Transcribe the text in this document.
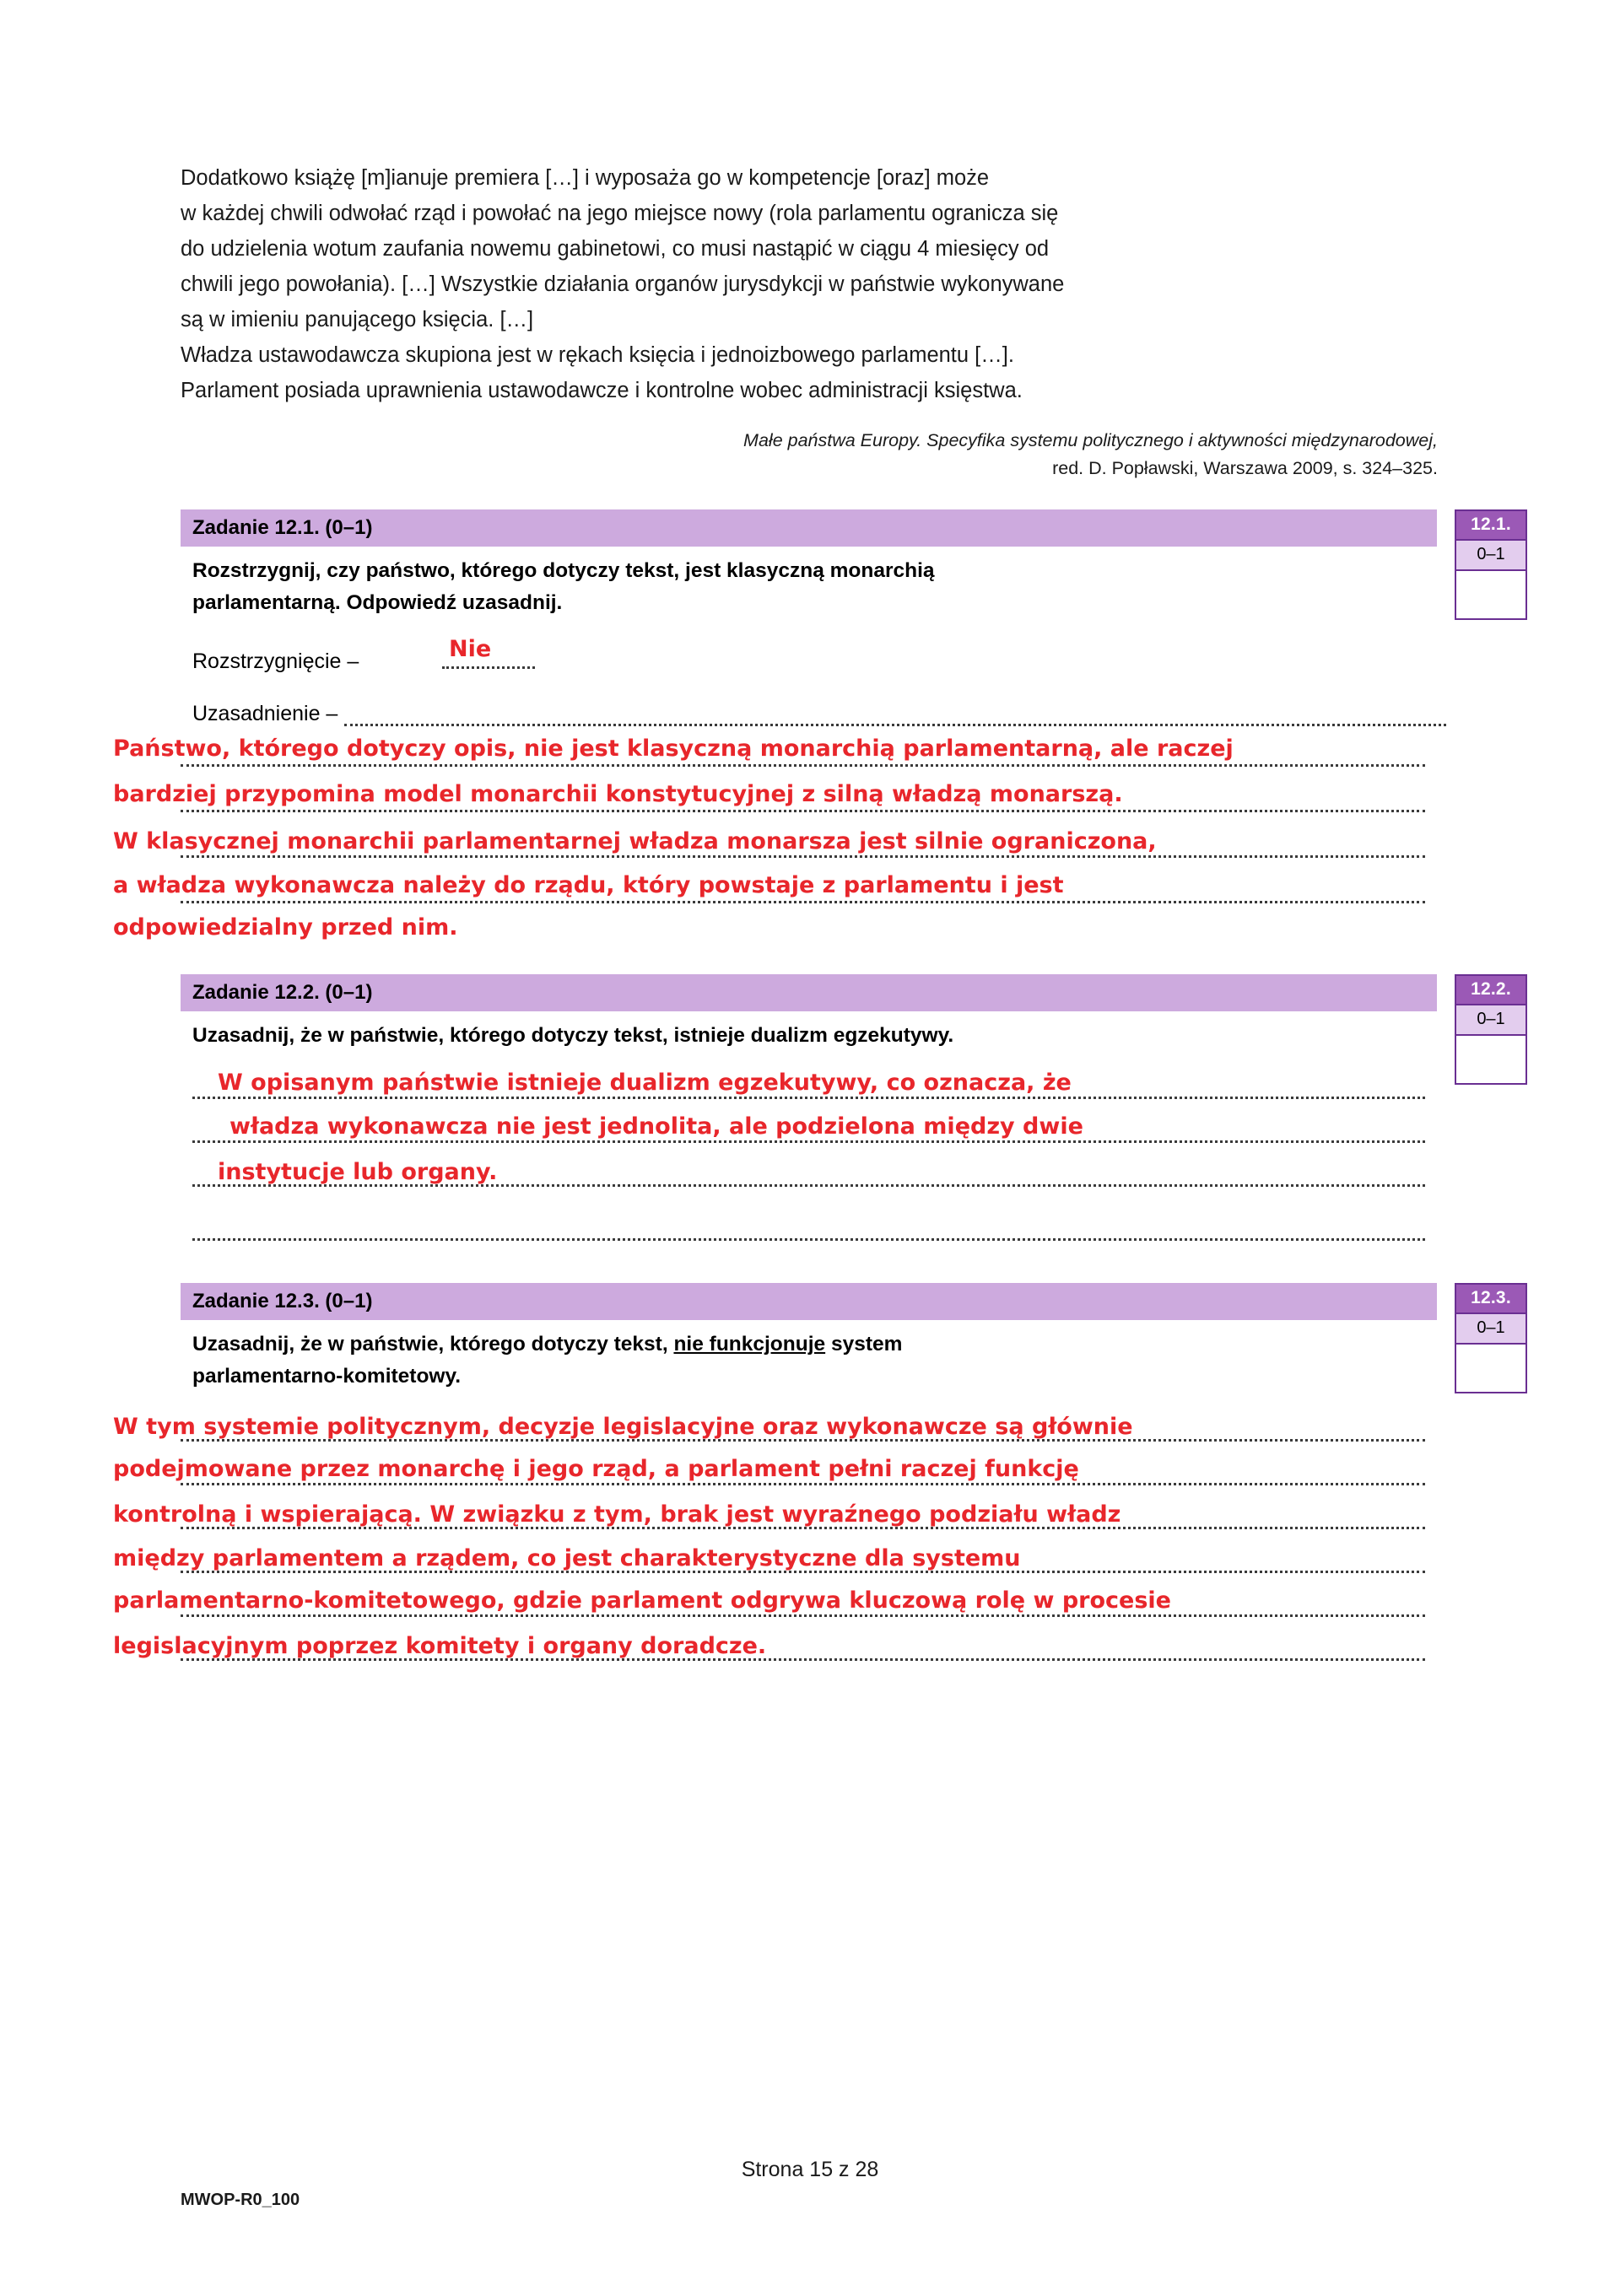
Dodatkowo książę [m]ianuje premiera […] i wyposaża go w kompetencje [oraz] może

w każdej chwili odwołać rząd i powołać na jego miejsce nowy (rola parlamentu ogranicza się

do udzielenia wotum zaufania nowemu gabinetowi, co musi nastąpić w ciągu 4 miesięcy od

chwili jego powołania). […] Wszystkie działania organów jurysdykcji w państwie wykonywane

są w imieniu panującego księcia. […]

Władza ustawodawcza skupiona jest w rękach księcia i jednoizbowego parlamentu […].

Parlament posiada uprawnienia ustawodawcze i kontrolne wobec administracji księstwa.

Małe państwa Europy. Specyfika systemu politycznego i aktywności międzynarodowej,
red. D. Popławski, Warszawa 2009, s. 324–325.
Zadanie 12.1. (0–1)	12.1.
0–1
Rozstrzygnij, czy państwo, którego dotyczy tekst, jest klasyczną monarchią
parlamentarną. Odpowiedź uzasadnij.
Rozstrzygnięcie –	Nie
Uzasadnienie –
Państwo, którego dotyczy opis, nie jest klasyczną monarchią parlamentarną, ale raczej
bardziej przypomina model monarchii konstytucyjnej z silną władzą monarszą.
W klasycznej monarchii parlamentarnej władza monarsza jest silnie ograniczona,
a władza wykonawcza należy do rządu, który powstaje z parlamentu i jest
odpowiedzialny przed nim.
Zadanie 12.2. (0–1)	12.2.
0–1
Uzasadnij, że w państwie, którego dotyczy tekst, istnieje dualizm egzekutywy.
W opisanym państwie istnieje dualizm egzekutywy, co oznacza, że
władza wykonawcza nie jest jednolita, ale podzielona między dwie
instytucje lub organy.
Zadanie 12.3. (0–1)	12.3.
0–1
Uzasadnij, że w państwie, którego dotyczy tekst, nie funkcjonuje system
parlamentarno-komitetowy.
W tym systemie politycznym, decyzje legislacyjne oraz wykonawcze są głównie
podejmowane przez monarchę i jego rząd, a parlament pełni raczej funkcję
kontrolną i wspierającą. W związku z tym, brak jest wyraźnego podziału władz
między parlamentem a rządem, co jest charakterystyczne dla systemu
parlamentarno-komitetowego, gdzie parlament odgrywa kluczową rolę w procesie
legislacyjnym poprzez komitety i organy doradcze.
Strona 15 z 28
MWOP-R0_100
